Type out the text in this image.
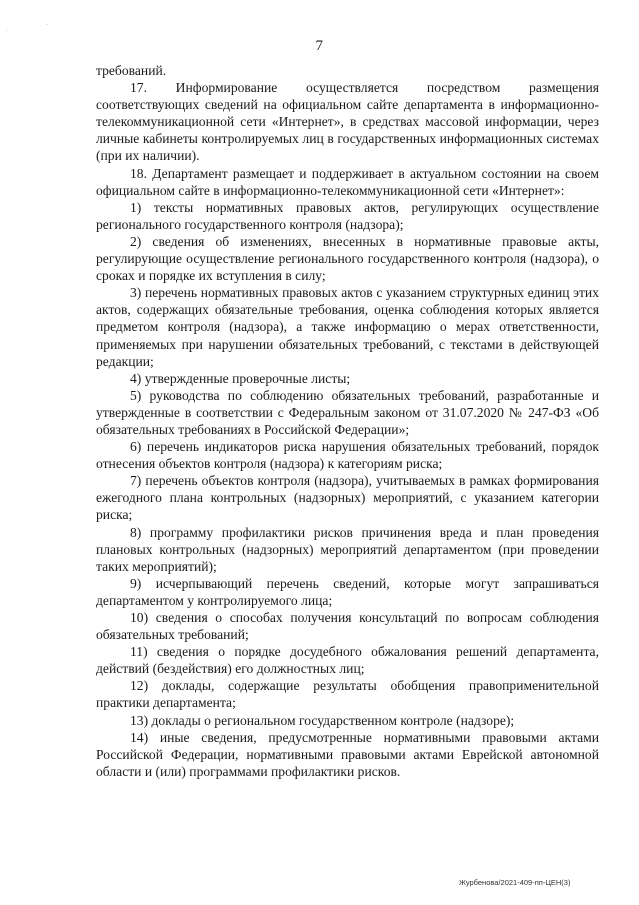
·	`
7

требований.

17. Информирование осуществляется посредством размещения соответствующих сведений на официальном сайте департамента в информационно-телекоммуникационной сети «Интернет», в средствах массовой информации, через личные кабинеты контролируемых лиц в государственных информационных системах (при их наличии).

18. Департамент размещает и поддерживает в актуальном состоянии на своем официальном сайте в информационно-телекоммуникационной сети «Интернет»:

1) тексты нормативных правовых актов, регулирующих осуществление регионального государственного контроля (надзора);

2) сведения об изменениях, внесенных в нормативные правовые акты, регулирующие осуществление регионального государственного контроля (надзора), о сроках и порядке их вступления в силу;

3) перечень нормативных правовых актов с указанием структурных единиц этих актов, содержащих обязательные требования, оценка соблюдения которых является предметом контроля (надзора), а также информацию о мерах ответственности, применяемых при нарушении обязательных требований, с текстами в действующей редакции;

4) утвержденные проверочные листы;

5) руководства по соблюдению обязательных требований, разработанные и утвержденные в соответствии с Федеральным законом от 31.07.2020 № 247-ФЗ «Об обязательных требованиях в Российской Федерации»;

6) перечень индикаторов риска нарушения обязательных требований, порядок отнесения объектов контроля (надзора) к категориям риска;

7) перечень объектов контроля (надзора), учитываемых в рамках формирования ежегодного плана контрольных (надзорных) мероприятий, с указанием категории риска;

8) программу профилактики рисков причинения вреда и план проведения плановых контрольных (надзорных) мероприятий департаментом (при проведении таких мероприятий);

9) исчерпывающий перечень сведений, которые могут запрашиваться департаментом у контролируемого лица;

10) сведения о способах получения консультаций по вопросам соблюдения обязательных требований;

11) сведения о порядке досудебного обжалования решений департамента, действий (бездействия) его должностных лиц;

12) доклады, содержащие результаты обобщения правоприменительной практики департамента;

13) доклады о региональном государственном контроле (надзоре);

14) иные сведения, предусмотренные нормативными правовыми актами Российской Федерации, нормативными правовыми актами Еврейской автономной области и (или) программами профилактики рисков.

Журбенова/2021-409-пп-ЦЕН(3)
